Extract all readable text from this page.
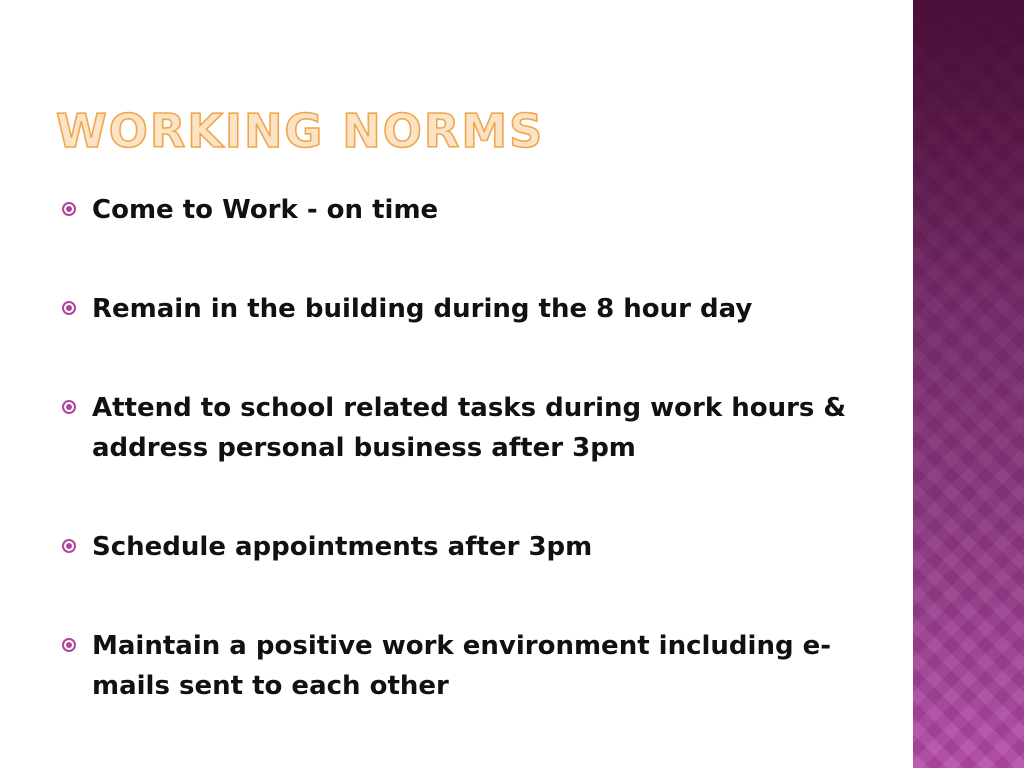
WORKING NORMS
Come to Work - on time
Remain in the building during the 8 hour day
Attend to school related tasks during work hours & address personal business after 3pm
Schedule appointments after 3pm
Maintain a positive work environment including e-mails sent to each other
